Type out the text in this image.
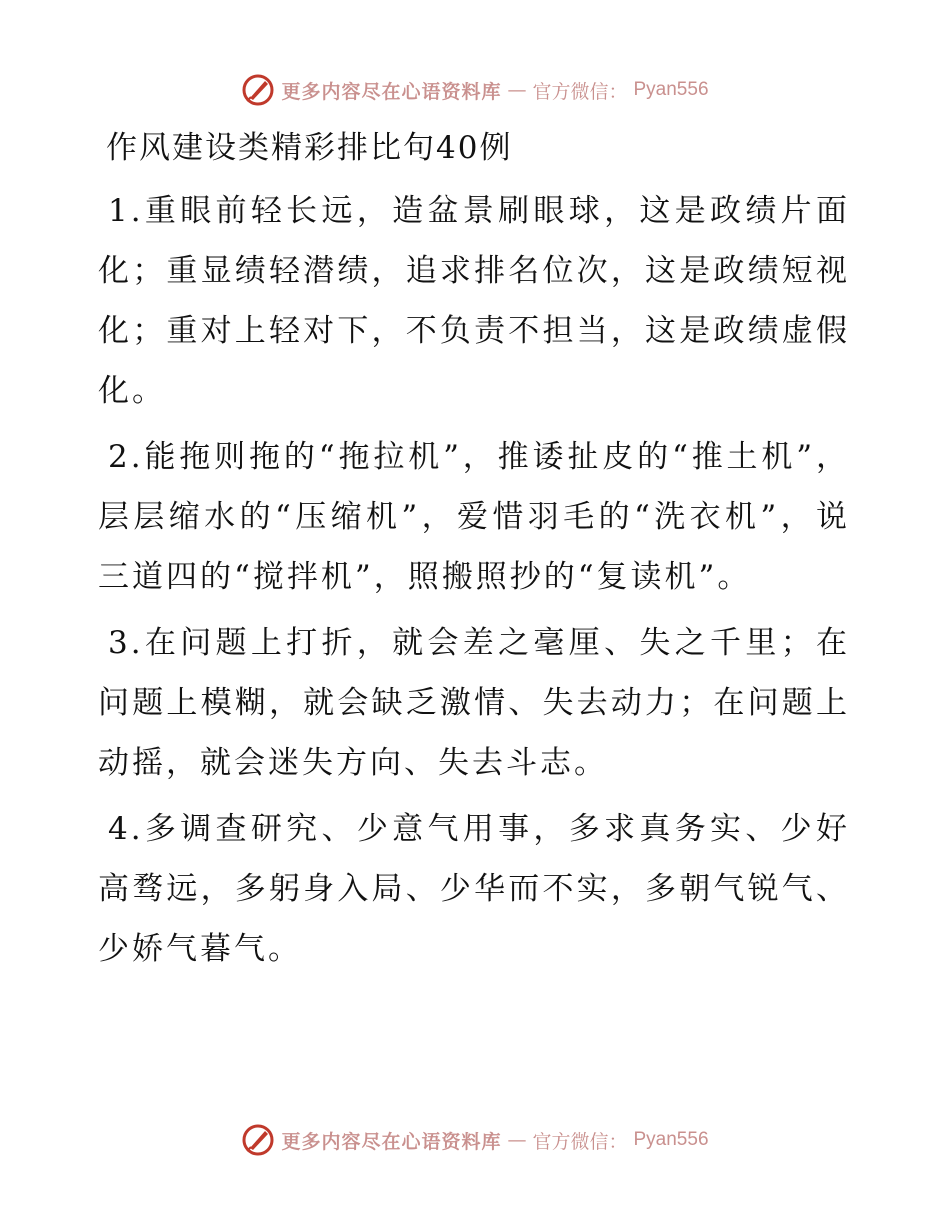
更多内容尽在心语资料库 — 官方微信： Pyan556
作风建设类精彩排比句40例

1.重眼前轻长远，造盆景刷眼球，这是政绩片面化；重显绩轻潜绩，追求排名位次，这是政绩短视化；重对上轻对下，不负责不担当，这是政绩虚假化。

2.能拖则拖的“拖拉机”，推诿扯皮的“推土机”，层层缩水的“压缩机”，爱惜羽毛的“洗衣机”，说三道四的“搅拌机”，照搬照抄的“复读机”。

3.在问题上打折，就会差之毫厘、失之千里；在问题上模糊，就会缺乏激情、失去动力；在问题上动摇，就会迷失方向、失去斗志。

4.多调查研究、少意气用事，多求真务实、少好高骛远，多躬身入局、少华而不实，多朝气锐气、少娇气暮气。

更多内容尽在心语资料库 — 官方微信： Pyan556
